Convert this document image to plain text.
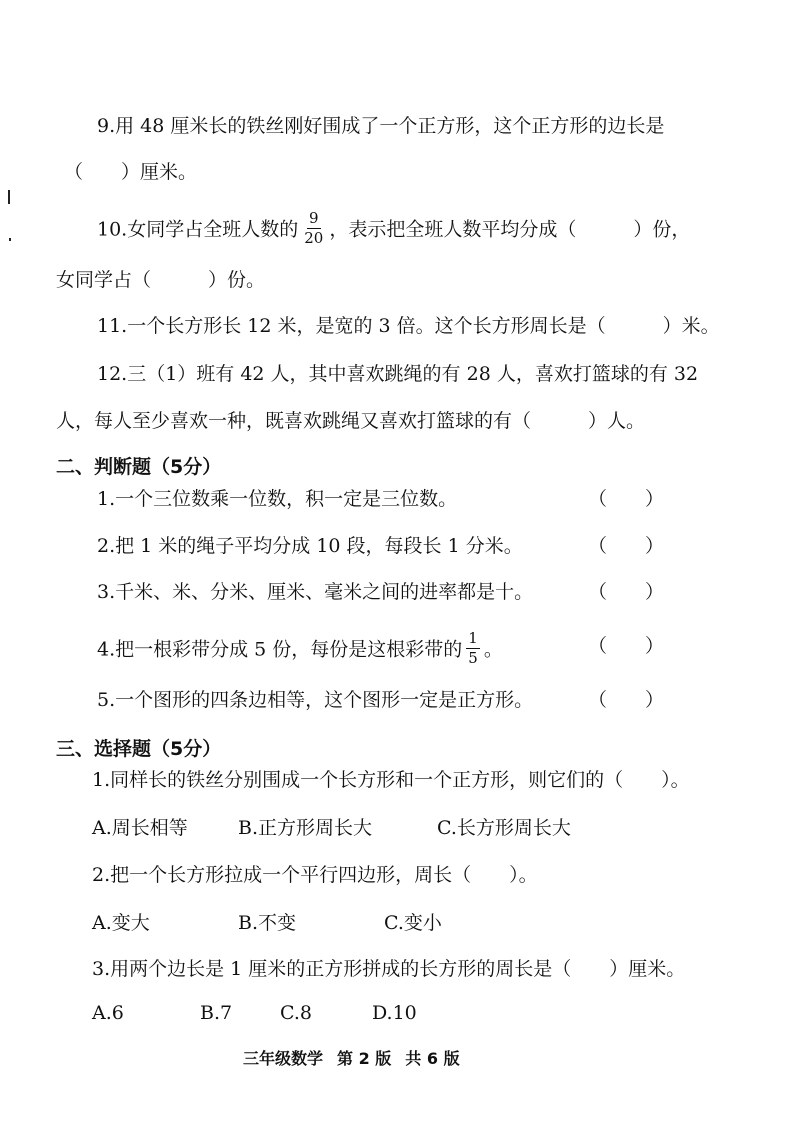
9.用 48 厘米长的铁丝刚好围成了一个正方形，这个正方形的边长是
（　　）厘米。
10.女同学占全班人数的 $\frac{9}{20}$ ，表示把全班人数平均分成（　　　）份，
女同学占（　　　）份。
11.一个长方形长 12 米，是宽的 3 倍。这个长方形周长是（　　　）米。
12.三（1）班有 42 人，其中喜欢跳绳的有 28 人，喜欢打篮球的有 32
人，每人至少喜欢一种，既喜欢跳绳又喜欢打篮球的有（　　　）人。
二、判断题（5分）
1.一个三位数乘一位数，积一定是三位数。	（　　）
2.把 1 米的绳子平均分成 10 段，每段长 1 分米。	（　　）
3.千米、米、分米、厘米、毫米之间的进率都是十。	（　　）
4.把一根彩带分成 5 份，每份是这根彩带的 $\frac{1}{5}$ 。	（　　）
5.一个图形的四条边相等，这个图形一定是正方形。	（　　）
三、选择题（5分）
1.同样长的铁丝分别围成一个长方形和一个正方形，则它们的（　　）。
A.周长相等	B.正方形周长大	C.长方形周长大
2.把一个长方形拉成一个平行四边形，周长（　　）。
A.变大	B.不变	C.变小
3.用两个边长是 1 厘米的正方形拼成的长方形的周长是（　　）厘米。
A.6	B.7	C.8	D.10
三年级数学 第 2 版 共 6 版
